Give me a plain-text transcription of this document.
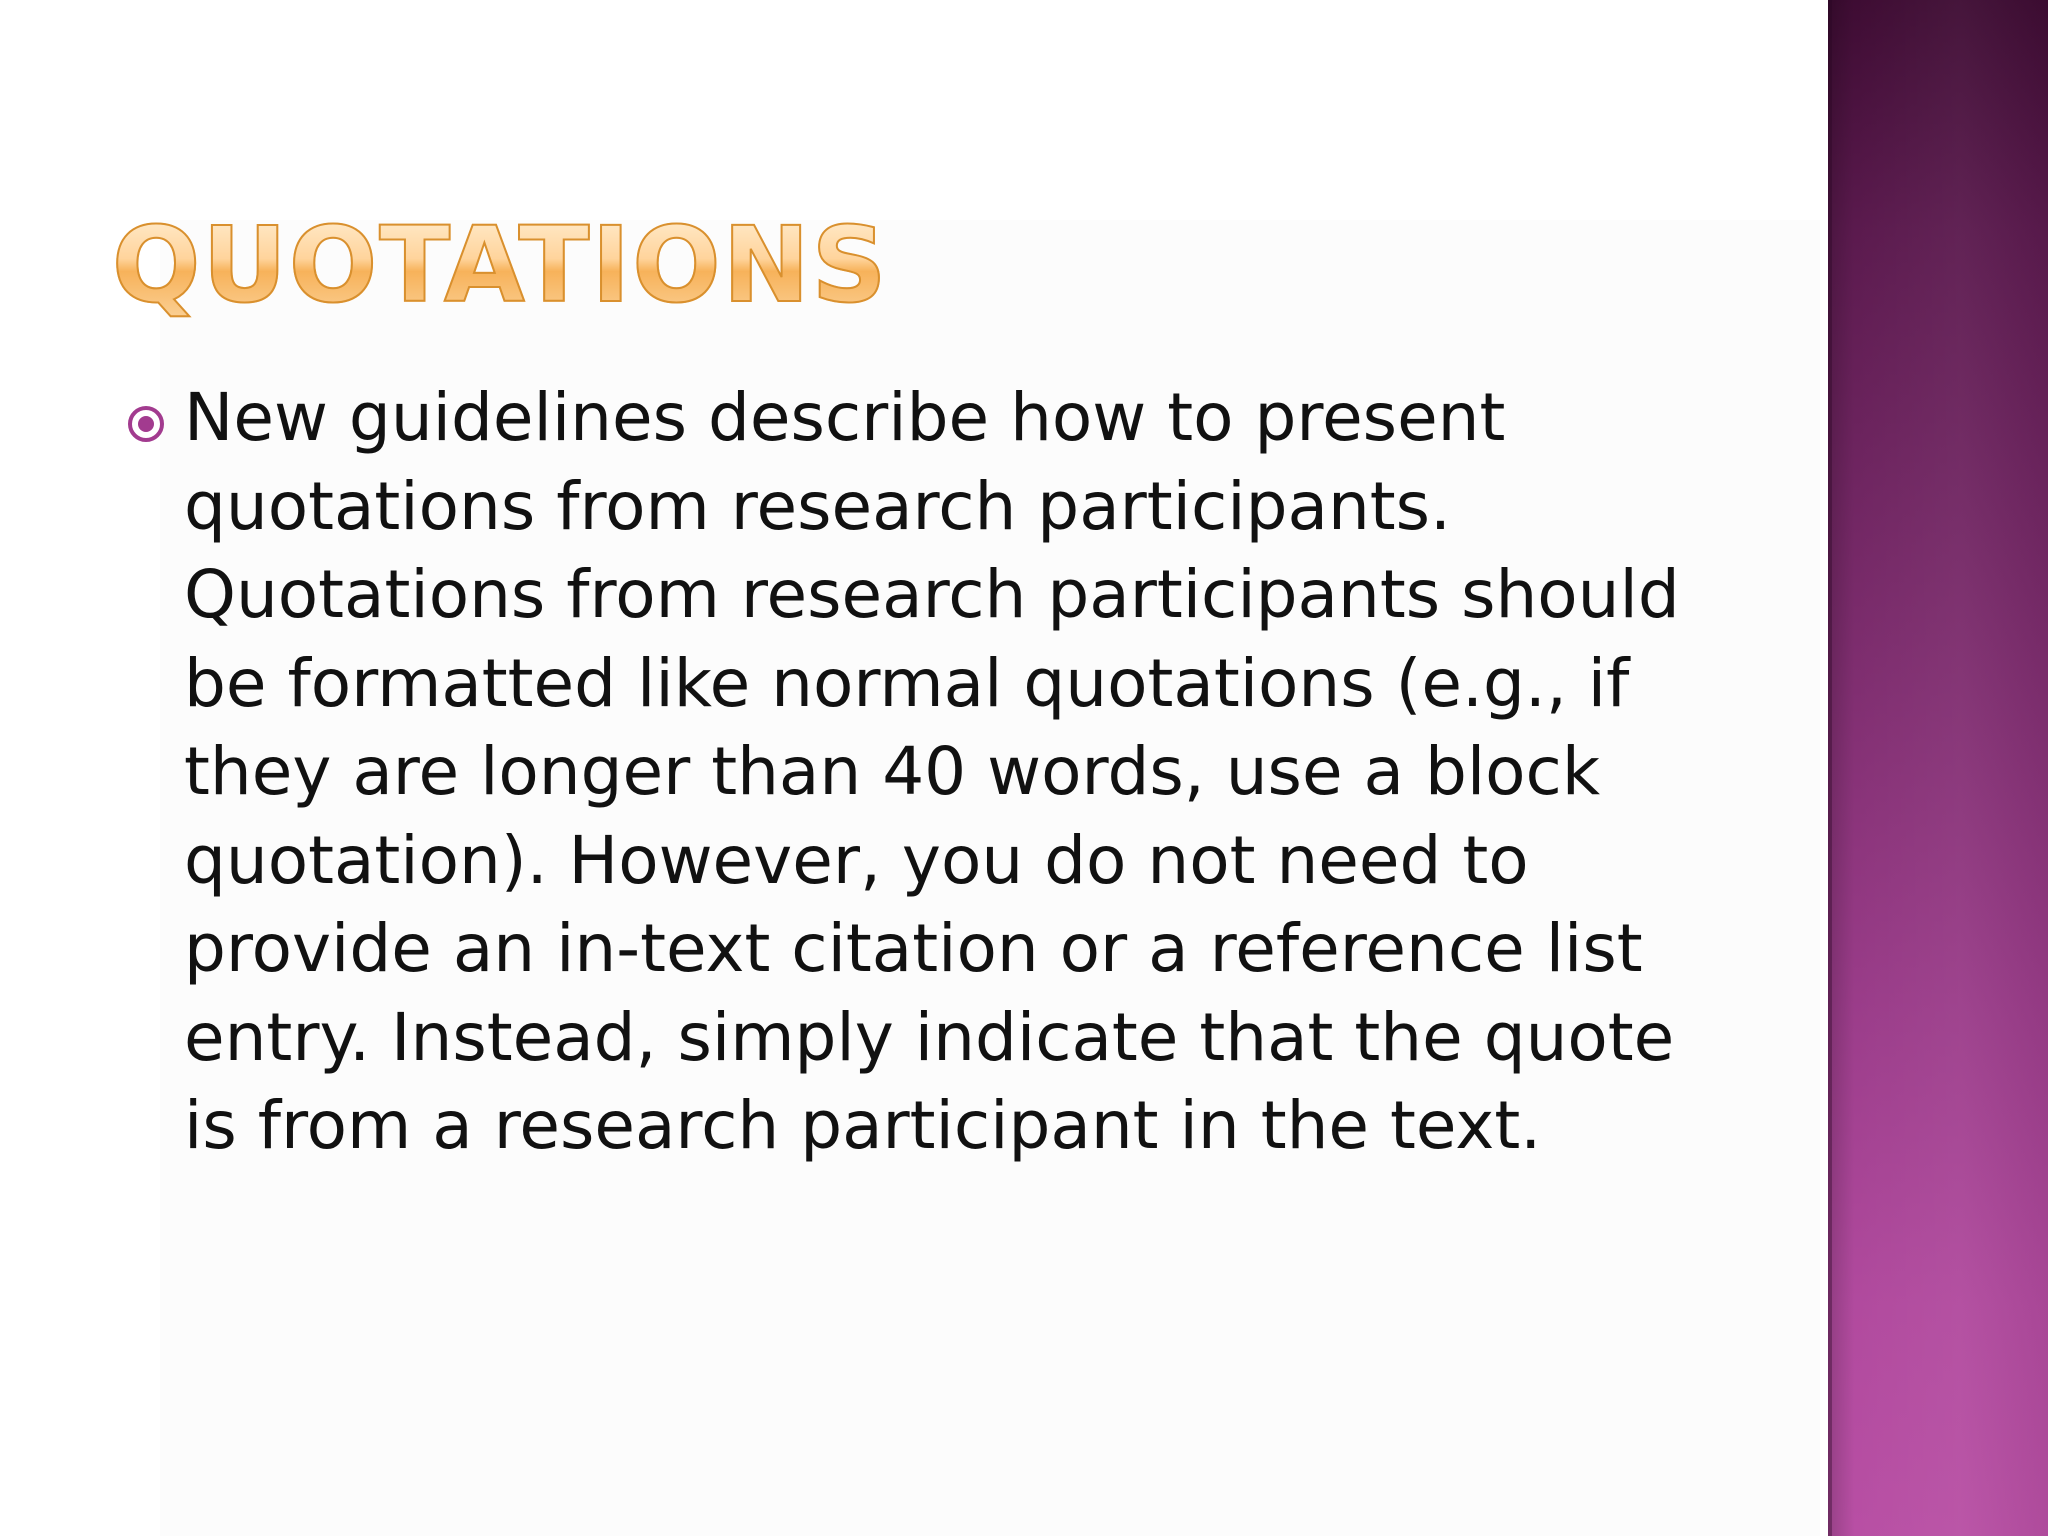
QUOTATIONS

New guidelines describe how to present quotations from research participants. Quotations from research participants should be formatted like normal quotations (e.g., if they are longer than 40 words, use a block quotation). However, you do not need to provide an in-text citation or a reference list entry. Instead, simply indicate that the quote is from a research participant in the text.
